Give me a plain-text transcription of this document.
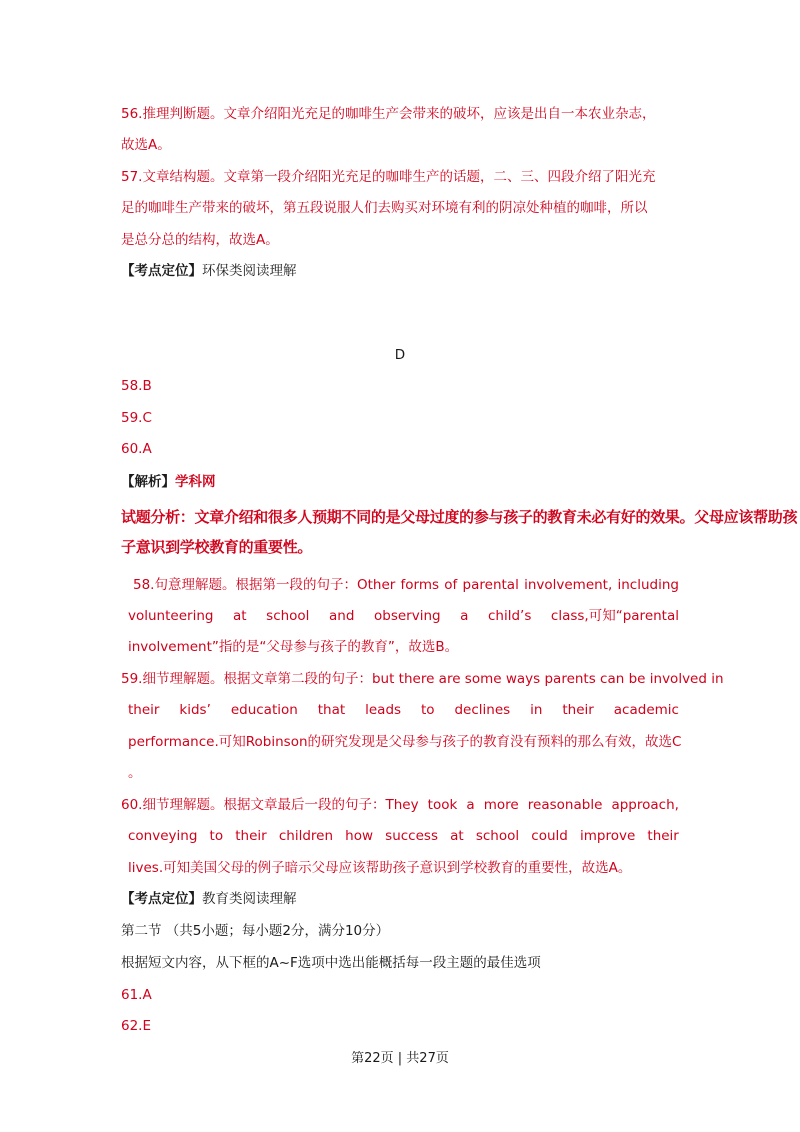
56.推理判断题。文章介绍阳光充足的咖啡生产会带来的破坏，应该是出自一本农业杂志，
故选A。
57.文章结构题。文章第一段介绍阳光充足的咖啡生产的话题，二、三、四段介绍了阳光充
足的咖啡生产带来的破坏，第五段说服人们去购买对环境有利的阴凉处种植的咖啡，所以
是总分总的结构，故选A。
【考点定位】环保类阅读理解
D
58.B
59.C
60.A
【解析】学科网
试题分析：文章介绍和很多人预期不同的是父母过度的参与孩子的教育未必有好的效果。父母应该帮助孩
子意识到学校教育的重要性。
58.句意理解题。根据第一段的句子：Other forms of parental involvement, including
volunteering at school and observing a child’s class,可知“parental
involvement”指的是“父母参与孩子的教育”，故选B。
59.细节理解题。根据文章第二段的句子：but there are some ways parents can be involved in
their kids’ education that leads to declines in their academic
performance.可知Robinson的研究发现是父母参与孩子的教育没有预料的那么有效，故选C
。
60.细节理解题。根据文章最后一段的句子：They took a more reasonable approach,
conveying to their children how success at school could improve their
lives.可知美国父母的例子暗示父母应该帮助孩子意识到学校教育的重要性，故选A。
【考点定位】教育类阅读理解
第二节 （共5小题；每小题2分，满分10分）
根据短文内容，从下框的A~F选项中选出能概括每一段主题的最佳选项
61.A
62.E
第22页 | 共27页
